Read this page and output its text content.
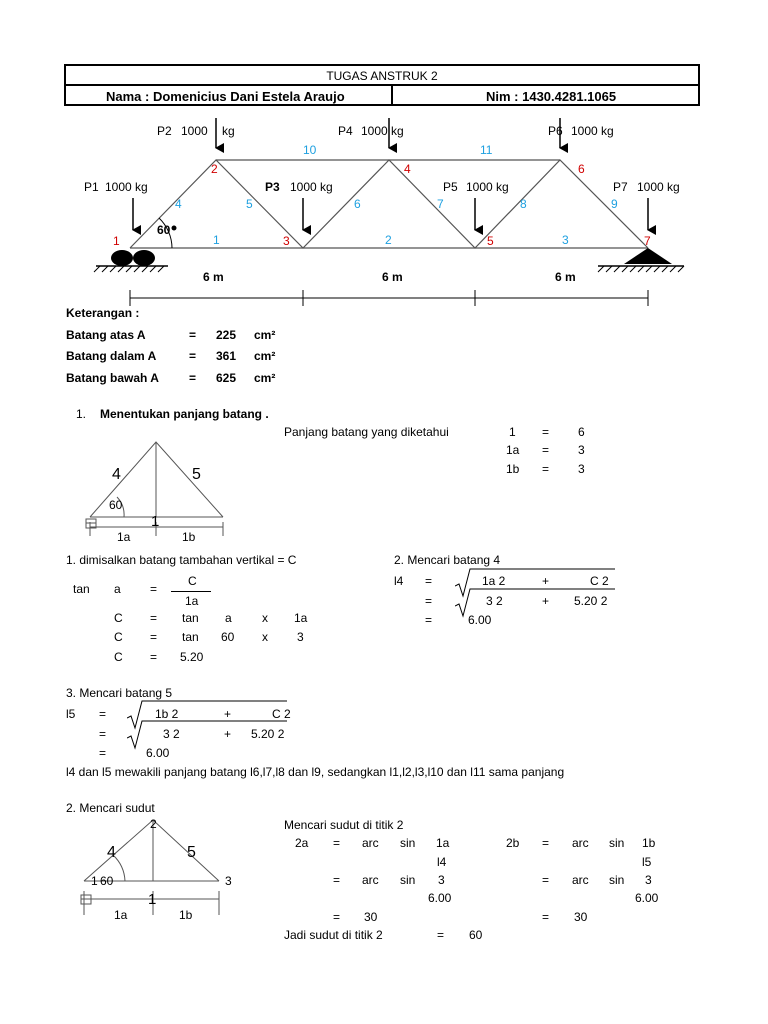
TUGAS ANSTRUK 2
Nama : Domenicius Dani Estela Araujo	Nim : 1430.4281.1065
P1 1000 kg
P2 1000 kg
P3 1000 kg
P4 1000 kg
P5 1000 kg
P6 1000 kg
P7 1000 kg
1
2
3
4
5
6
7
1	2	3
4	5	6	7	8	9
10	11
60
6 m	6 m	6 m
Keterangan :
Batang atas A	= 225 cm²
Batang dalam A	= 361 cm²
Batang bawah A	= 625 cm²
1. Menentukan panjang batang .
Panjang batang yang diketahui	1 = 6
1a = 3
1b = 3
4	5
60
1
1a	1b
1. dimisalkan batang tambahan vertikal = C
tan a =
C
1a
C = tan a	x 1a
C = tan 60 x 3
C = 5.20
2. Mencari batang 4
l4 =	1a 2	+	C 2
=	3 2	+ 5.20 2
=	6.00
3. Mencari batang 5
l5 =	1b 2	+	C 2
=	3 2	+ 5.20 2
=	6.00
l4 dan l5 mewakili panjang batang l6,l7,l8 dan l9, sedangkan l1,l2,l3,l10 dan l11 sama panjang
2. Mencari sudut
2
4	5
1 60	3
1
1a	1b
Mencari sudut di titik 2
2a = arc sin 1a
l4
= arc sin 3
6.00
= 30
2b = arc sin 1b
l5
= arc sin 3
6.00
= 30
Jadi sudut di titik 2	= 60
